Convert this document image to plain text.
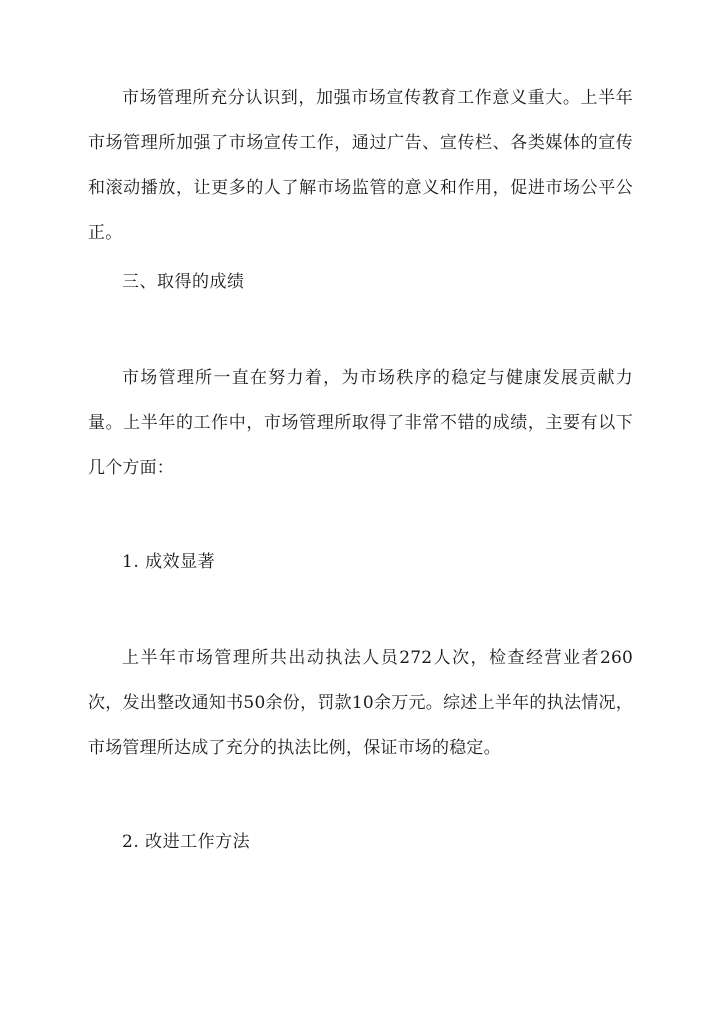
市场管理所充分认识到，加强市场宣传教育工作意义重大。上半年市场管理所加强了市场宣传工作，通过广告、宣传栏、各类媒体的宣传和滚动播放，让更多的人了解市场监管的意义和作用，促进市场公平公正。

三、取得的成绩

市场管理所一直在努力着，为市场秩序的稳定与健康发展贡献力量。上半年的工作中，市场管理所取得了非常不错的成绩，主要有以下几个方面：

1. 成效显著

上半年市场管理所共出动执法人员272人次，检查经营业者260次，发出整改通知书50余份，罚款10余万元。综述上半年的执法情况，市场管理所达成了充分的执法比例，保证市场的稳定。

2. 改进工作方法
